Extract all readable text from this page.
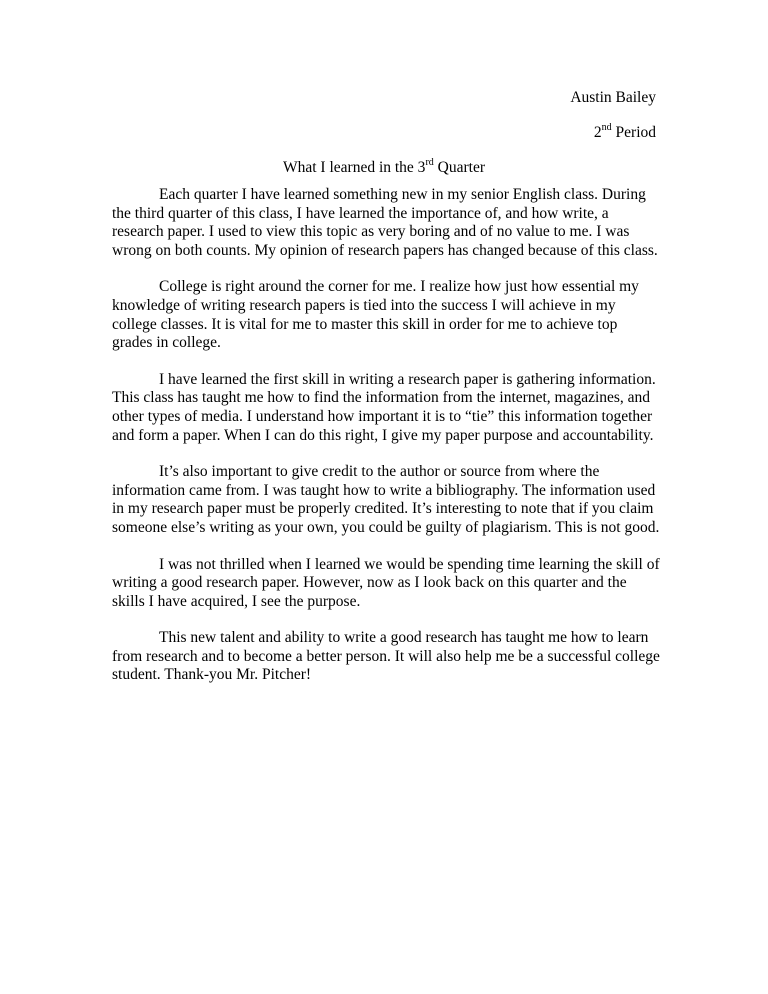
Austin Bailey
2nd Period
What I learned in the 3rd Quarter

Each quarter I have learned something new in my senior English class. During the third quarter of this class, I have learned the importance of, and how write, a research paper. I used to view this topic as very boring and of no value to me. I was wrong on both counts. My opinion of research papers has changed because of this class.

College is right around the corner for me. I realize how just how essential my knowledge of writing research papers is tied into the success I will achieve in my college classes. It is vital for me to master this skill in order for me to achieve top grades in college.

I have learned the first skill in writing a research paper is gathering information. This class has taught me how to find the information from the internet, magazines, and other types of media. I understand how important it is to “tie” this information together and form a paper. When I can do this right, I give my paper purpose and accountability.

It’s also important to give credit to the author or source from where the information came from. I was taught how to write a bibliography. The information used in my research paper must be properly credited. It’s interesting to note that if you claim someone else’s writing as your own, you could be guilty of plagiarism. This is not good.

I was not thrilled when I learned we would be spending time learning the skill of writing a good research paper. However, now as I look back on this quarter and the skills I have acquired, I see the purpose.

This new talent and ability to write a good research has taught me how to learn from research and to become a better person. It will also help me be a successful college student. Thank-you Mr. Pitcher!
